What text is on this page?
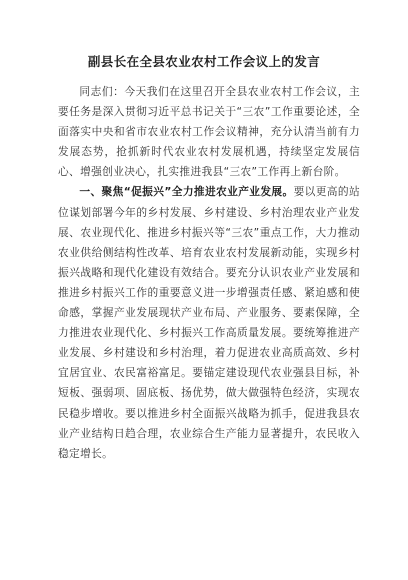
副县长在全县农业农村工作会议上的发言

同志们：今天我们在这里召开全县农业农村工作会议，主要任务是深入贯彻习近平总书记关于“三农”工作重要论述，全面落实中央和省市农业农村工作会议精神，充分认清当前有力发展态势，抢抓新时代农业农村发展机遇，持续坚定发展信心、增强创业决心，扎实推进我县“三农”工作再上新台阶。

一、聚焦“促振兴”全力推进农业产业发展。要以更高的站位谋划部署今年的乡村发展、乡村建设、乡村治理农业产业发展、农业现代化、推进乡村振兴等“三农”重点工作，大力推动农业供给侧结构性改革、培育农业农村发展新动能，实现乡村振兴战略和现代化建设有效结合。要充分认识农业产业发展和推进乡村振兴工作的重要意义进一步增强责任感、紧迫感和使命感，掌握产业发展现状产业布局、产业服务、要素保障，全力推进农业现代化、乡村振兴工作高质量发展。要统筹推进产业发展、乡村建设和乡村治理，着力促进农业高质高效、乡村宜居宜业、农民富裕富足。要锚定建设现代农业强县目标，补短板、强弱项、固底板、扬优势，做大做强特色经济，实现农民稳步增收。要以推进乡村全面振兴战略为抓手，促进我县农业产业结构日趋合理，农业综合生产能力显著提升，农民收入稳定增长。
